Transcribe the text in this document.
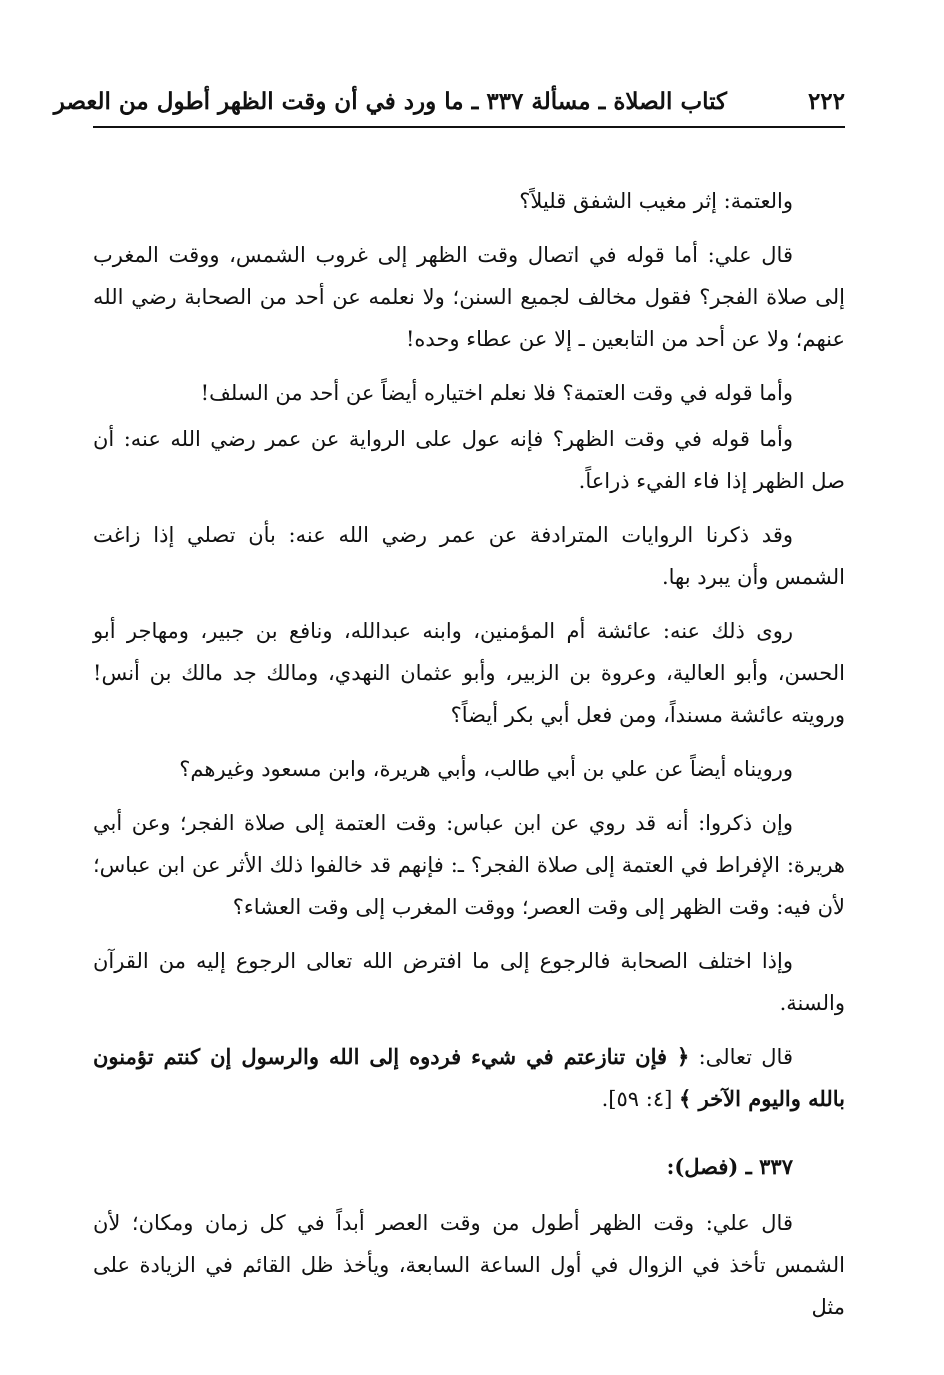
٢٢٢
كتاب الصلاة ـ مسألة ٣٣٧ ـ ما ورد في أن وقت الظهر أطول من العصر

والعتمة: إثر مغيب الشفق قليلاً؟

قال علي: أما قوله في اتصال وقت الظهر إلى غروب الشمس، ووقت المغرب إلى صلاة الفجر؟ فقول مخالف لجميع السنن؛ ولا نعلمه عن أحد من الصحابة رضي الله عنهم؛ ولا عن أحد من التابعين ـ إلا عن عطاء وحده!

وأما قوله في وقت العتمة؟ فلا نعلم اختياره أيضاً عن أحد من السلف!

وأما قوله في وقت الظهر؟ فإنه عول على الرواية عن عمر رضي الله عنه: أن صل الظهر إذا فاء الفيء ذراعاً.

وقد ذكرنا الروايات المترادفة عن عمر رضي الله عنه: بأن تصلي إذا زاغت الشمس وأن يبرد بها.

روى ذلك عنه: عائشة أم المؤمنين، وابنه عبدالله، ونافع بن جبير، ومهاجر أبو الحسن، وأبو العالية، وعروة بن الزبير، وأبو عثمان النهدي، ومالك جد مالك بن أنس! ورويته عائشة مسنداً، ومن فعل أبي بكر أيضاً؟

ورويناه أيضاً عن علي بن أبي طالب، وأبي هريرة، وابن مسعود وغيرهم؟

وإن ذكروا: أنه قد روي عن ابن عباس: وقت العتمة إلى صلاة الفجر؛ وعن أبي هريرة: الإفراط في العتمة إلى صلاة الفجر؟ ـ: فإنهم قد خالفوا ذلك الأثر عن ابن عباس؛ لأن فيه: وقت الظهر إلى وقت العصر؛ ووقت المغرب إلى وقت العشاء؟

وإذا اختلف الصحابة فالرجوع إلى ما افترض الله تعالى الرجوع إليه من القرآن والسنة.

قال تعالى: ﴿ فإن تنازعتم في شيء فردوه إلى الله والرسول إن كنتم تؤمنون بالله واليوم الآخر ﴾ [٤: ٥٩].

٣٣٧ ـ (فصل):

قال علي: وقت الظهر أطول من وقت العصر أبداً في كل زمان ومكان؛ لأن الشمس تأخذ في الزوال في أول الساعة السابعة، ويأخذ ظل القائم في الزيادة على مثل
